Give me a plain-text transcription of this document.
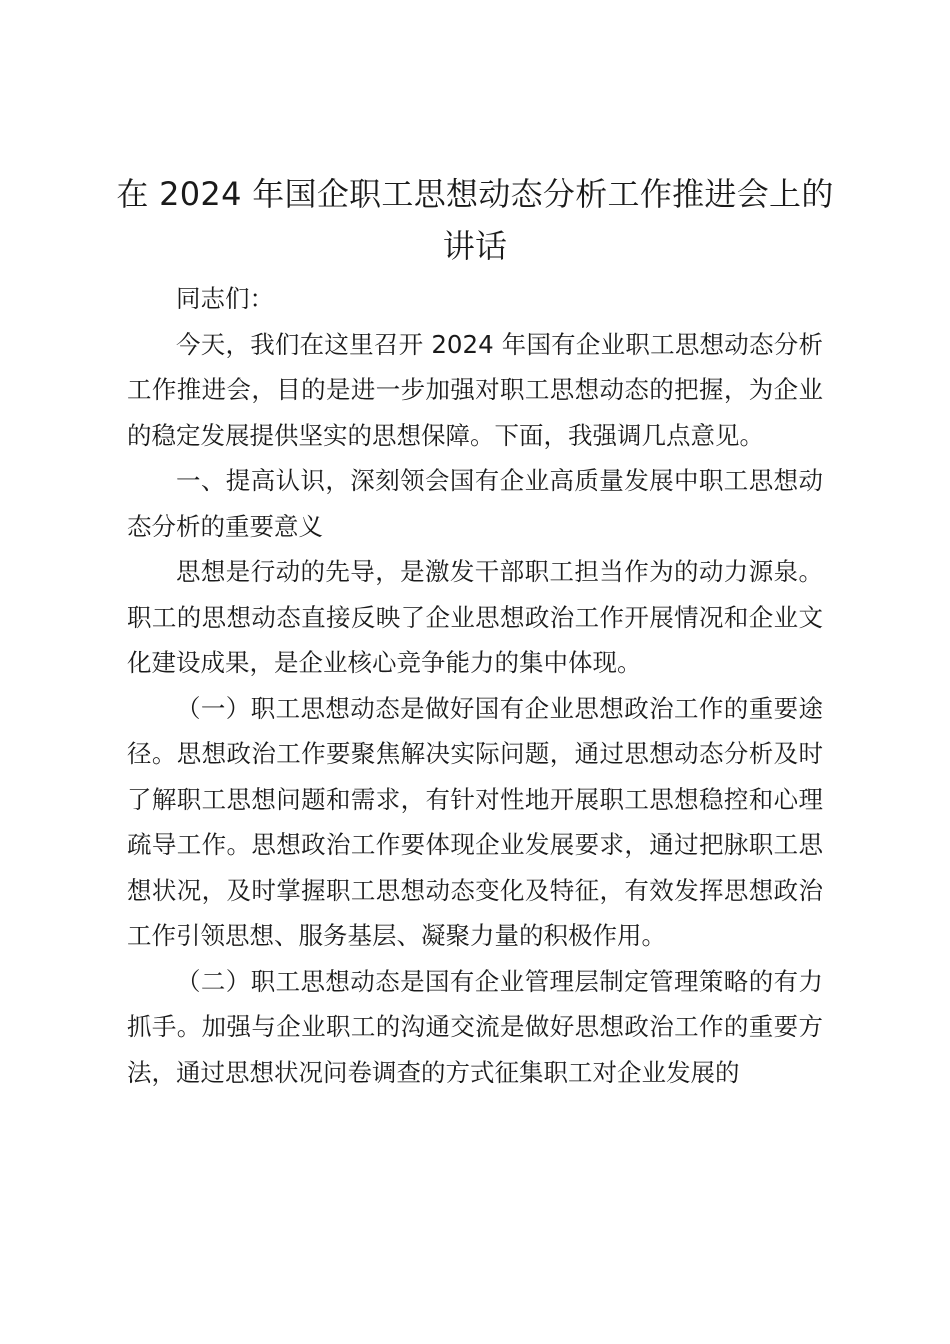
在 2024 年国企职工思想动态分析工作推进会上的讲话

同志们：

今天，我们在这里召开 2024 年国有企业职工思想动态分析工作推进会，目的是进一步加强对职工思想动态的把握，为企业的稳定发展提供坚实的思想保障。下面，我强调几点意见。

一、提高认识，深刻领会国有企业高质量发展中职工思想动态分析的重要意义

思想是行动的先导，是激发干部职工担当作为的动力源泉。职工的思想动态直接反映了企业思想政治工作开展情况和企业文化建设成果，是企业核心竞争能力的集中体现。

（一）职工思想动态是做好国有企业思想政治工作的重要途径。思想政治工作要聚焦解决实际问题，通过思想动态分析及时了解职工思想问题和需求，有针对性地开展职工思想稳控和心理疏导工作。思想政治工作要体现企业发展要求，通过把脉职工思想状况，及时掌握职工思想动态变化及特征，有效发挥思想政治工作引领思想、服务基层、凝聚力量的积极作用。

（二）职工思想动态是国有企业管理层制定管理策略的有力抓手。加强与企业职工的沟通交流是做好思想政治工作的重要方法，通过思想状况问卷调查的方式征集职工对企业发展的
